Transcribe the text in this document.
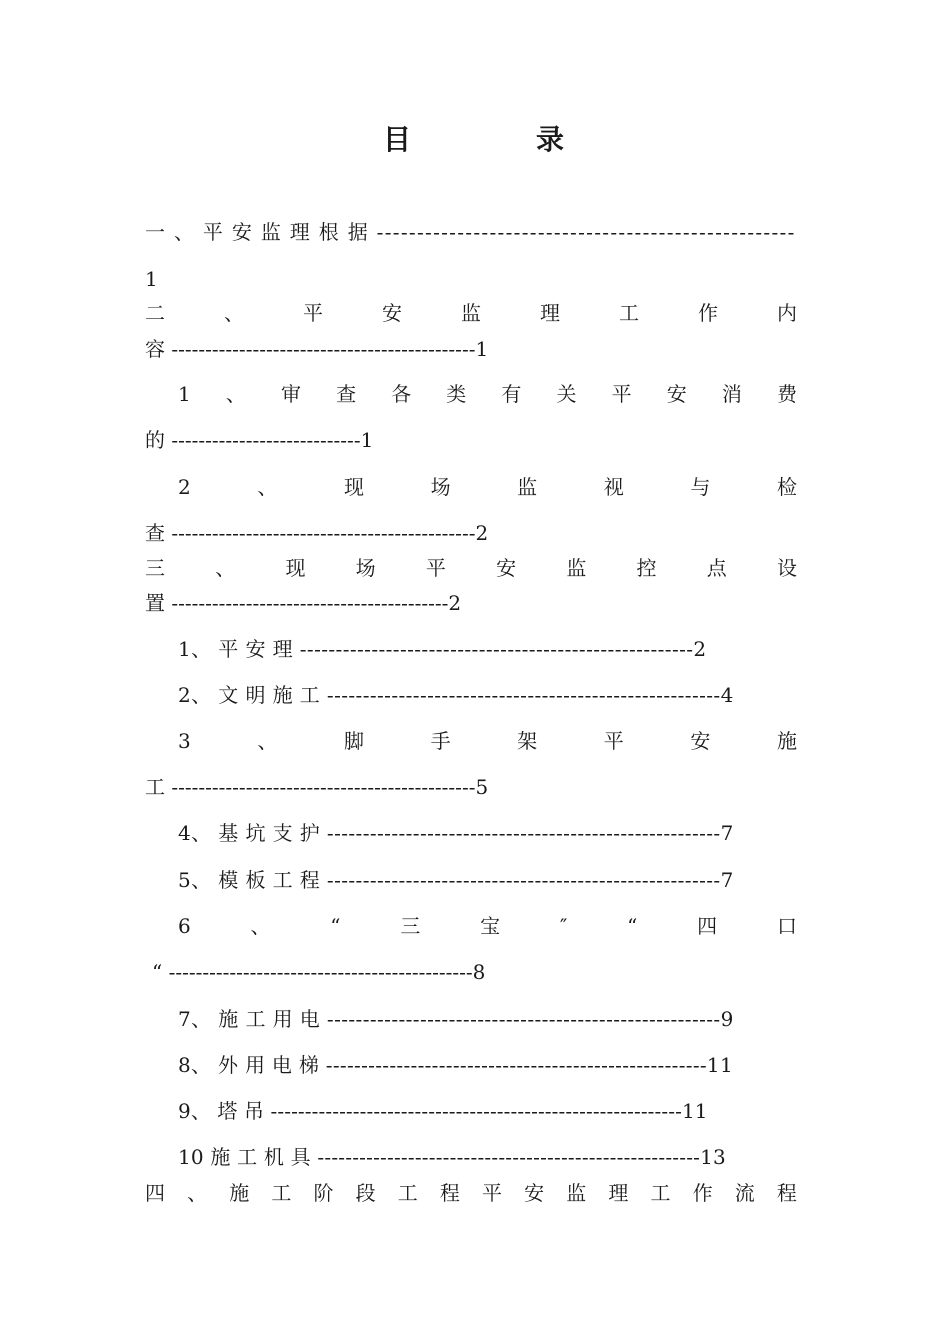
目	录
一 、 平 安 监 理 根 据 ----------------------------------------------------
1
二	、	平	安	监	理	工	作	内
容 ---------------------------------------------1
1 、 审 查 各 类 有 关 平 安 消 费
的 ----------------------------1
2	、	现	场	监	视	与	检
查 ---------------------------------------------2
三	、	现	场	平	安	监	控	点	设
置 -----------------------------------------2
1、 平 安 理 -------------------------------------------------------2
2、 文 明 施 工 -------------------------------------------------------4
3	、	脚	手	架	平	安	施
工 ---------------------------------------------5
4、 基 坑 支 护 -------------------------------------------------------7
5、 模 板 工 程 -------------------------------------------------------7
6	、	“	三	宝	″	“	四	口
“ ---------------------------------------------8
7、 施 工 用 电 -------------------------------------------------------9
8、 外 用 电 梯 ------------------------------------------------------11
9、 塔 吊 ------------------------------------------------------------11
10 施 工 机 具 -------------------------------------------------------13
四 、 施 工 阶 段 工 程 平 安 监 理 工 作 流 程
